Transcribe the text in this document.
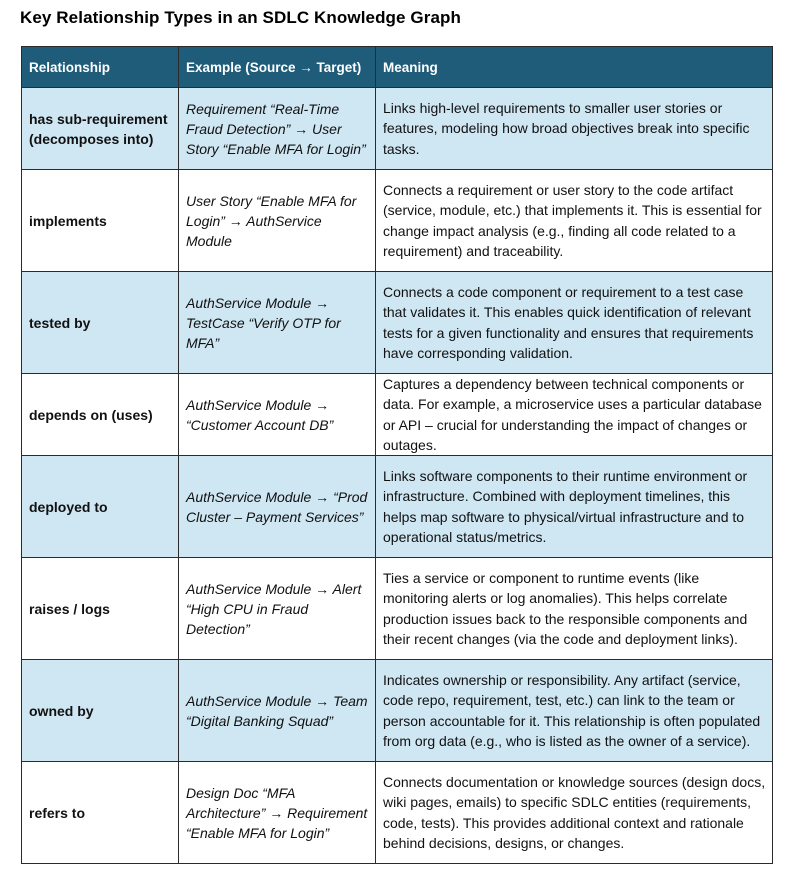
Key Relationship Types in an SDLC Knowledge Graph
Relationship	Example (Source → Target)	Meaning
has sub-requirement (decomposes into)	Requirement “Real-Time Fraud Detection” → User Story “Enable MFA for Login”	Links high-level requirements to smaller user stories or features, modeling how broad objectives break into specific tasks.
implements	User Story “Enable MFA for Login” → AuthService Module	Connects a requirement or user story to the code artifact (service, module, etc.) that implements it. This is essential for change impact analysis (e.g., finding all code related to a requirement) and traceability.
tested by	AuthService Module → TestCase “Verify OTP for MFA”	Connects a code component or requirement to a test case that validates it. This enables quick identification of relevant tests for a given functionality and ensures that requirements have corresponding validation.
depends on (uses)	AuthService Module → “Customer Account DB”	Captures a dependency between technical components or data. For example, a microservice uses a particular database or API – crucial for understanding the impact of changes or outages.
deployed to	AuthService Module → “Prod Cluster – Payment Services”	Links software components to their runtime environment or infrastructure. Combined with deployment timelines, this helps map software to physical/virtual infrastructure and to operational status/metrics.
raises / logs	AuthService Module → Alert “High CPU in Fraud Detection”	Ties a service or component to runtime events (like monitoring alerts or log anomalies). This helps correlate production issues back to the responsible components and their recent changes (via the code and deployment links).
owned by	AuthService Module → Team “Digital Banking Squad”	Indicates ownership or responsibility. Any artifact (service, code repo, requirement, test, etc.) can link to the team or person accountable for it. This relationship is often populated from org data (e.g., who is listed as the owner of a service).
refers to	Design Doc “MFA Architecture” → Requirement “Enable MFA for Login”	Connects documentation or knowledge sources (design docs, wiki pages, emails) to specific SDLC entities (requirements, code, tests). This provides additional context and rationale behind decisions, designs, or changes.
